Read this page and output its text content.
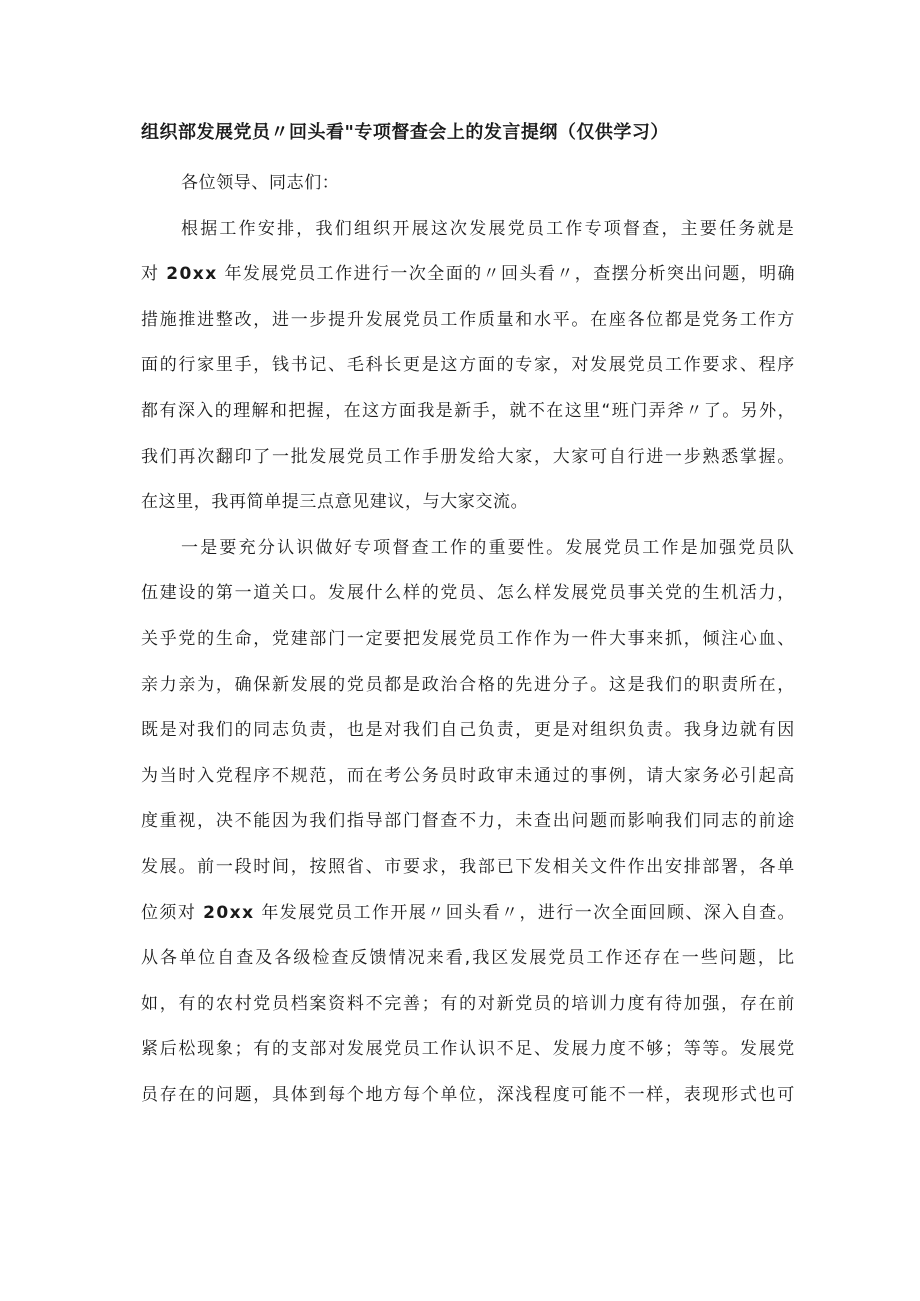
组织部发展党员〃回头看"专项督查会上的发言提纲（仅供学习）
各位领导、同志们：
根据工作安排，我们组织开展这次发展党员工作专项督查，主要任务就是
对 20xx 年发展党员工作进行一次全面的〃回头看〃，查摆分析突出问题，明确
措施推进整改，进一步提升发展党员工作质量和水平。在座各位都是党务工作方
面的行家里手，钱书记、毛科长更是这方面的专家，对发展党员工作要求、程序
都有深入的理解和把握，在这方面我是新手，就不在这里“班门弄斧〃了。另外，
我们再次翻印了一批发展党员工作手册发给大家，大家可自行进一步熟悉掌握。
在这里，我再简单提三点意见建议，与大家交流。
一是要充分认识做好专项督查工作的重要性。发展党员工作是加强党员队
伍建设的第一道关口。发展什么样的党员、怎么样发展党员事关党的生机活力，
关乎党的生命，党建部门一定要把发展党员工作作为一件大事来抓，倾注心血、
亲力亲为，确保新发展的党员都是政治合格的先进分子。这是我们的职责所在，
既是对我们的同志负责，也是对我们自己负责，更是对组织负责。我身边就有因
为当时入党程序不规范，而在考公务员时政审未通过的事例，请大家务必引起高
度重视，决不能因为我们指导部门督查不力，未查出问题而影响我们同志的前途
发展。前一段时间，按照省、市要求，我部已下发相关文件作出安排部署，各单
位须对 20xx 年发展党员工作开展〃回头看〃，进行一次全面回顾、深入自查。
从各单位自查及各级检查反馈情况来看,我区发展党员工作还存在一些问题，比
如，有的农村党员档案资料不完善；有的对新党员的培训力度有待加强，存在前
紧后松现象；有的支部对发展党员工作认识不足、发展力度不够；等等。发展党
员存在的问题，具体到每个地方每个单位，深浅程度可能不一样，表现形式也可
